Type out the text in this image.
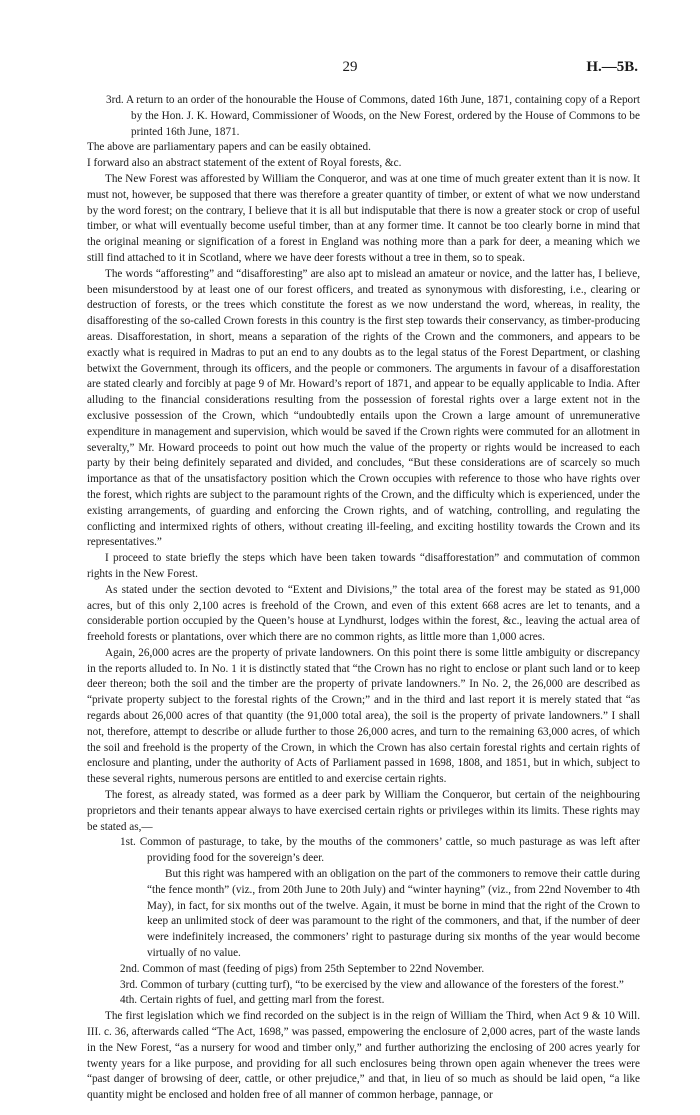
29	H.—5B.

3rd. A return to an order of the honourable the House of Commons, dated 16th June, 1871, containing copy of a Report by the Hon. J. K. Howard, Commissioner of Woods, on the New Forest, ordered by the House of Commons to be printed 16th June, 1871.

The above are parliamentary papers and can be easily obtained.

I forward also an abstract statement of the extent of Royal forests, &c.

The New Forest was afforested by William the Conqueror, and was at one time of much greater extent than it is now. It must not, however, be supposed that there was therefore a greater quantity of timber, or extent of what we now understand by the word forest; on the contrary, I believe that it is all but indisputable that there is now a greater stock or crop of useful timber, or what will eventually become useful timber, than at any former time. It cannot be too clearly borne in mind that the original meaning or signification of a forest in England was nothing more than a park for deer, a meaning which we still find attached to it in Scotland, where we have deer forests without a tree in them, so to speak.

The words “afforesting” and “disafforesting” are also apt to mislead an amateur or novice, and the latter has, I believe, been misunderstood by at least one of our forest officers, and treated as synonymous with disforesting, i.e., clearing or destruction of forests, or the trees which constitute the forest as we now understand the word, whereas, in reality, the disafforesting of the so-called Crown forests in this country is the first step towards their conservancy, as timber-producing areas. Disafforestation, in short, means a separation of the rights of the Crown and the commoners, and appears to be exactly what is required in Madras to put an end to any doubts as to the legal status of the Forest Department, or clashing betwixt the Government, through its officers, and the people or commoners. The arguments in favour of a disafforestation are stated clearly and forcibly at page 9 of Mr. Howard’s report of 1871, and appear to be equally applicable to India. After alluding to the financial considerations resulting from the possession of forestal rights over a large extent not in the exclusive possession of the Crown, which “undoubtedly entails upon the Crown a large amount of unremunerative expenditure in management and supervision, which would be saved if the Crown rights were commuted for an allotment in severalty,” Mr. Howard proceeds to point out how much the value of the property or rights would be increased to each party by their being definitely separated and divided, and concludes, “But these considerations are of scarcely so much importance as that of the unsatisfactory position which the Crown occupies with reference to those who have rights over the forest, which rights are subject to the paramount rights of the Crown, and the difficulty which is experienced, under the existing arrangements, of guarding and enforcing the Crown rights, and of watching, controlling, and regulating the conflicting and intermixed rights of others, without creating ill-feeling, and exciting hostility towards the Crown and its representatives.”

I proceed to state briefly the steps which have been taken towards “disafforestation” and commutation of common rights in the New Forest.

As stated under the section devoted to “Extent and Divisions,” the total area of the forest may be stated as 91,000 acres, but of this only 2,100 acres is freehold of the Crown, and even of this extent 668 acres are let to tenants, and a considerable portion occupied by the Queen’s house at Lyndhurst, lodges within the forest, &c., leaving the actual area of freehold forests or plantations, over which there are no common rights, as little more than 1,000 acres.

Again, 26,000 acres are the property of private landowners. On this point there is some little ambiguity or discrepancy in the reports alluded to. In No. 1 it is distinctly stated that “the Crown has no right to enclose or plant such land or to keep deer thereon; both the soil and the timber are the property of private landowners.” In No. 2, the 26,000 are described as “private property subject to the forestal rights of the Crown;” and in the third and last report it is merely stated that “as regards about 26,000 acres of that quantity (the 91,000 total area), the soil is the property of private landowners.” I shall not, therefore, attempt to describe or allude further to those 26,000 acres, and turn to the remaining 63,000 acres, of which the soil and freehold is the property of the Crown, in which the Crown has also certain forestal rights and certain rights of enclosure and planting, under the authority of Acts of Parliament passed in 1698, 1808, and 1851, but in which, subject to these several rights, numerous persons are entitled to and exercise certain rights.

The forest, as already stated, was formed as a deer park by William the Conqueror, but certain of the neighbouring proprietors and their tenants appear always to have exercised certain rights or privileges within its limits. These rights may be stated as,—

1st. Common of pasturage, to take, by the mouths of the commoners’ cattle, so much pasturage as was left after providing food for the sovereign’s deer.

But this right was hampered with an obligation on the part of the commoners to remove their cattle during “the fence month” (viz., from 20th June to 20th July) and “winter hayning” (viz., from 22nd November to 4th May), in fact, for six months out of the twelve. Again, it must be borne in mind that the right of the Crown to keep an unlimited stock of deer was paramount to the right of the commoners, and that, if the number of deer were indefinitely increased, the commoners’ right to pasturage during six months of the year would become virtually of no value.

2nd. Common of mast (feeding of pigs) from 25th September to 22nd November.

3rd. Common of turbary (cutting turf), “to be exercised by the view and allowance of the foresters of the forest.”

4th. Certain rights of fuel, and getting marl from the forest.

The first legislation which we find recorded on the subject is in the reign of William the Third, when Act 9 & 10 Will. III. c. 36, afterwards called “The Act, 1698,” was passed, empowering the enclosure of 2,000 acres, part of the waste lands in the New Forest, “as a nursery for wood and timber only,” and further authorizing the enclosing of 200 acres yearly for twenty years for a like purpose, and providing for all such enclosures being thrown open again whenever the trees were “past danger of browsing of deer, cattle, or other prejudice,” and that, in lieu of so much as should be laid open, “a like quantity might be enclosed and holden free of all manner of common herbage, pannage, or
